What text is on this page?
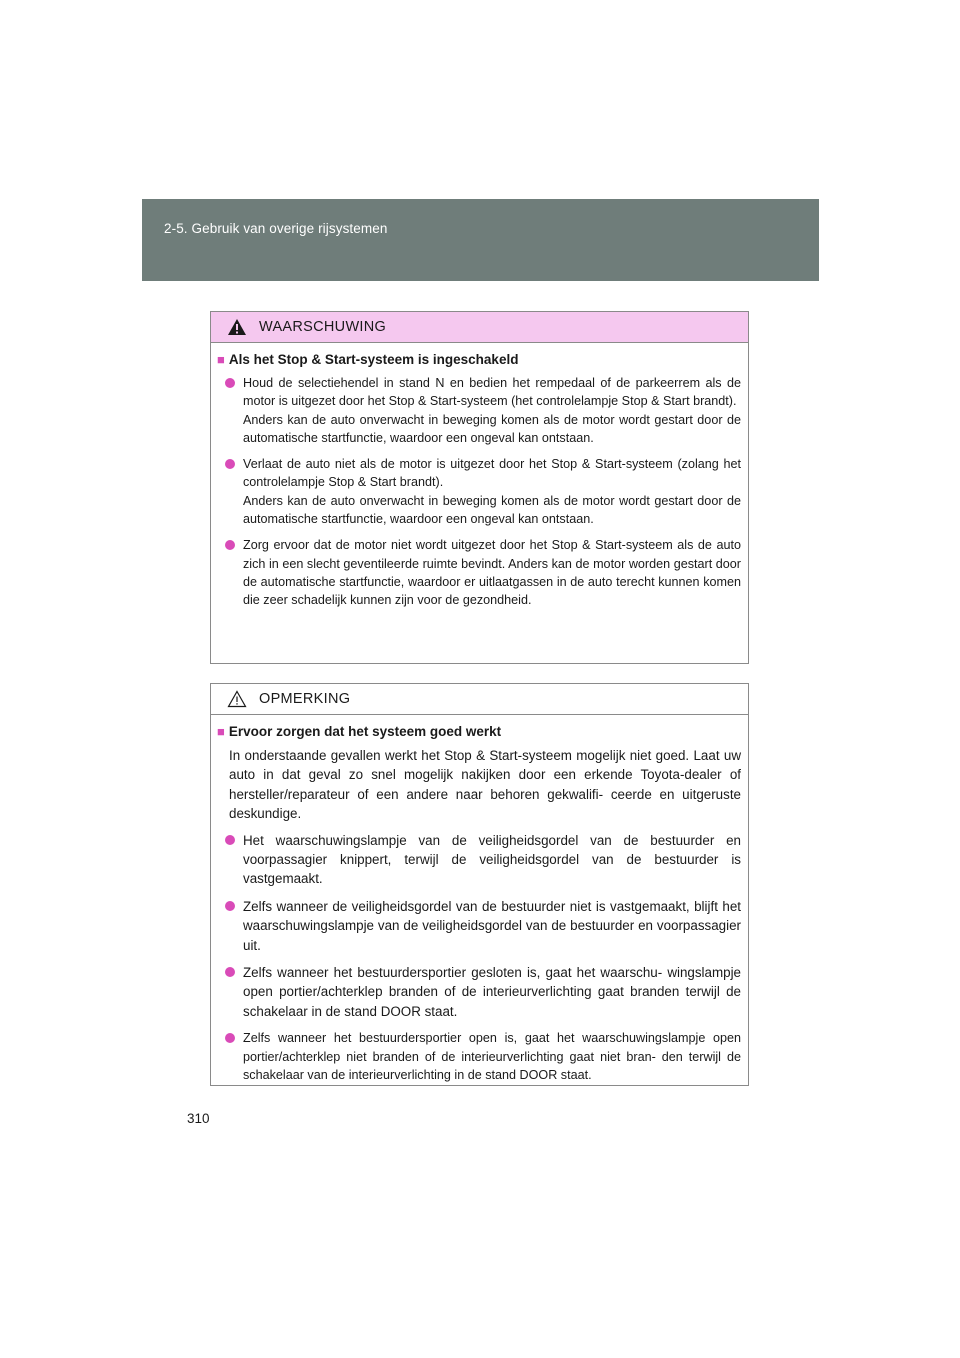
2-5. Gebruik van overige rijsystemen
WAARSCHUWING
■ Als het Stop & Start-systeem is ingeschakeld

Houd de selectiehendel in stand N en bedien het rempedaal of de parkeerrem als de motor is uitgezet door het Stop & Start-systeem (het controlelampje Stop & Start brandt).

Anders kan de auto onverwacht in beweging komen als de motor wordt gestart door de automatische startfunctie, waardoor een ongeval kan ontstaan.

Verlaat de auto niet als de motor is uitgezet door het Stop & Start-systeem (zolang het controlelampje Stop & Start brandt).

Anders kan de auto onverwacht in beweging komen als de motor wordt gestart door de automatische startfunctie, waardoor een ongeval kan ontstaan.

Zorg ervoor dat de motor niet wordt uitgezet door het Stop & Start-systeem als de auto zich in een slecht geventileerde ruimte bevindt. Anders kan de motor worden gestart door de automatische startfunctie, waardoor er uitlaatgassen in de auto terecht kunnen komen die zeer schadelijk kunnen zijn voor de gezondheid.

OPMERKING
■ Ervoor zorgen dat het systeem goed werkt

In onderstaande gevallen werkt het Stop & Start-systeem mogelijk niet goed. Laat uw auto in dat geval zo snel mogelijk nakijken door een erkende Toyota-dealer of hersteller/reparateur of een andere naar behoren gekwalifi- ceerde en uitgeruste deskundige.

Het waarschuwingslampje van de veiligheidsgordel van de bestuurder en voorpassagier knippert, terwijl de veiligheidsgordel van de bestuurder is vastgemaakt.
Zelfs wanneer de veiligheidsgordel van de bestuurder niet is vastgemaakt, blijft het waarschuwingslampje van de veiligheidsgordel van de bestuurder en voorpassagier uit.
Zelfs wanneer het bestuurdersportier gesloten is, gaat het waarschu- wingslampje open portier/achterklep branden of de interieurverlichting gaat branden terwijl de schakelaar in de stand DOOR staat.
Zelfs wanneer het bestuurdersportier open is, gaat het waarschuwingslampje open portier/achterklep niet branden of de interieurverlichting gaat niet bran- den terwijl de schakelaar van de interieurverlichting in de stand DOOR staat.
310
